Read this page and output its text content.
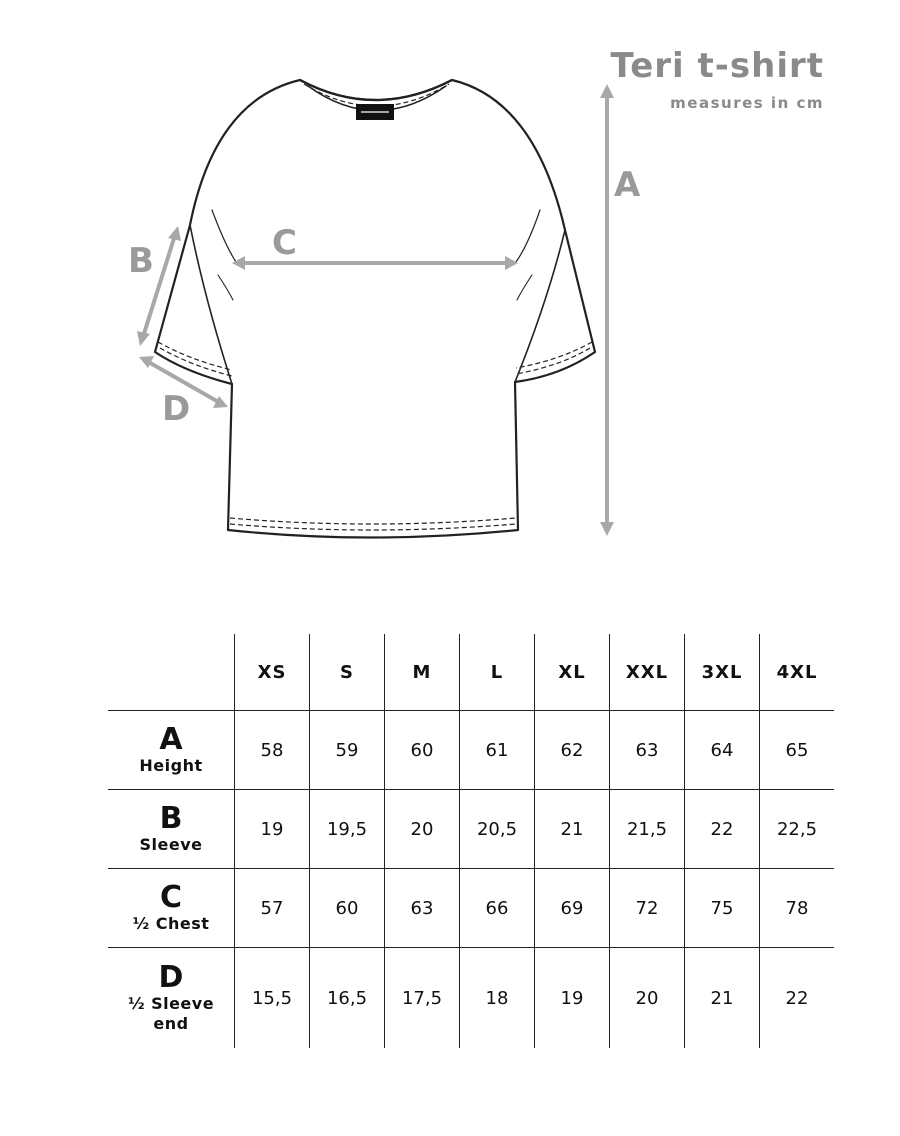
Teri t-shirt
measures in cm
A
C
B
D
	XS	S	M	L	XL	XXL	3XL	4XL

A
Height	58	59	60	61	62	63	64	65

B
Sleeve	19	19,5	20	20,5	21	21,5	22	22,5

C
½ Chest	57	60	63	66	69	72	75	78

D
½ Sleeve end	15,5	16,5	17,5	18	19	20	21	22
